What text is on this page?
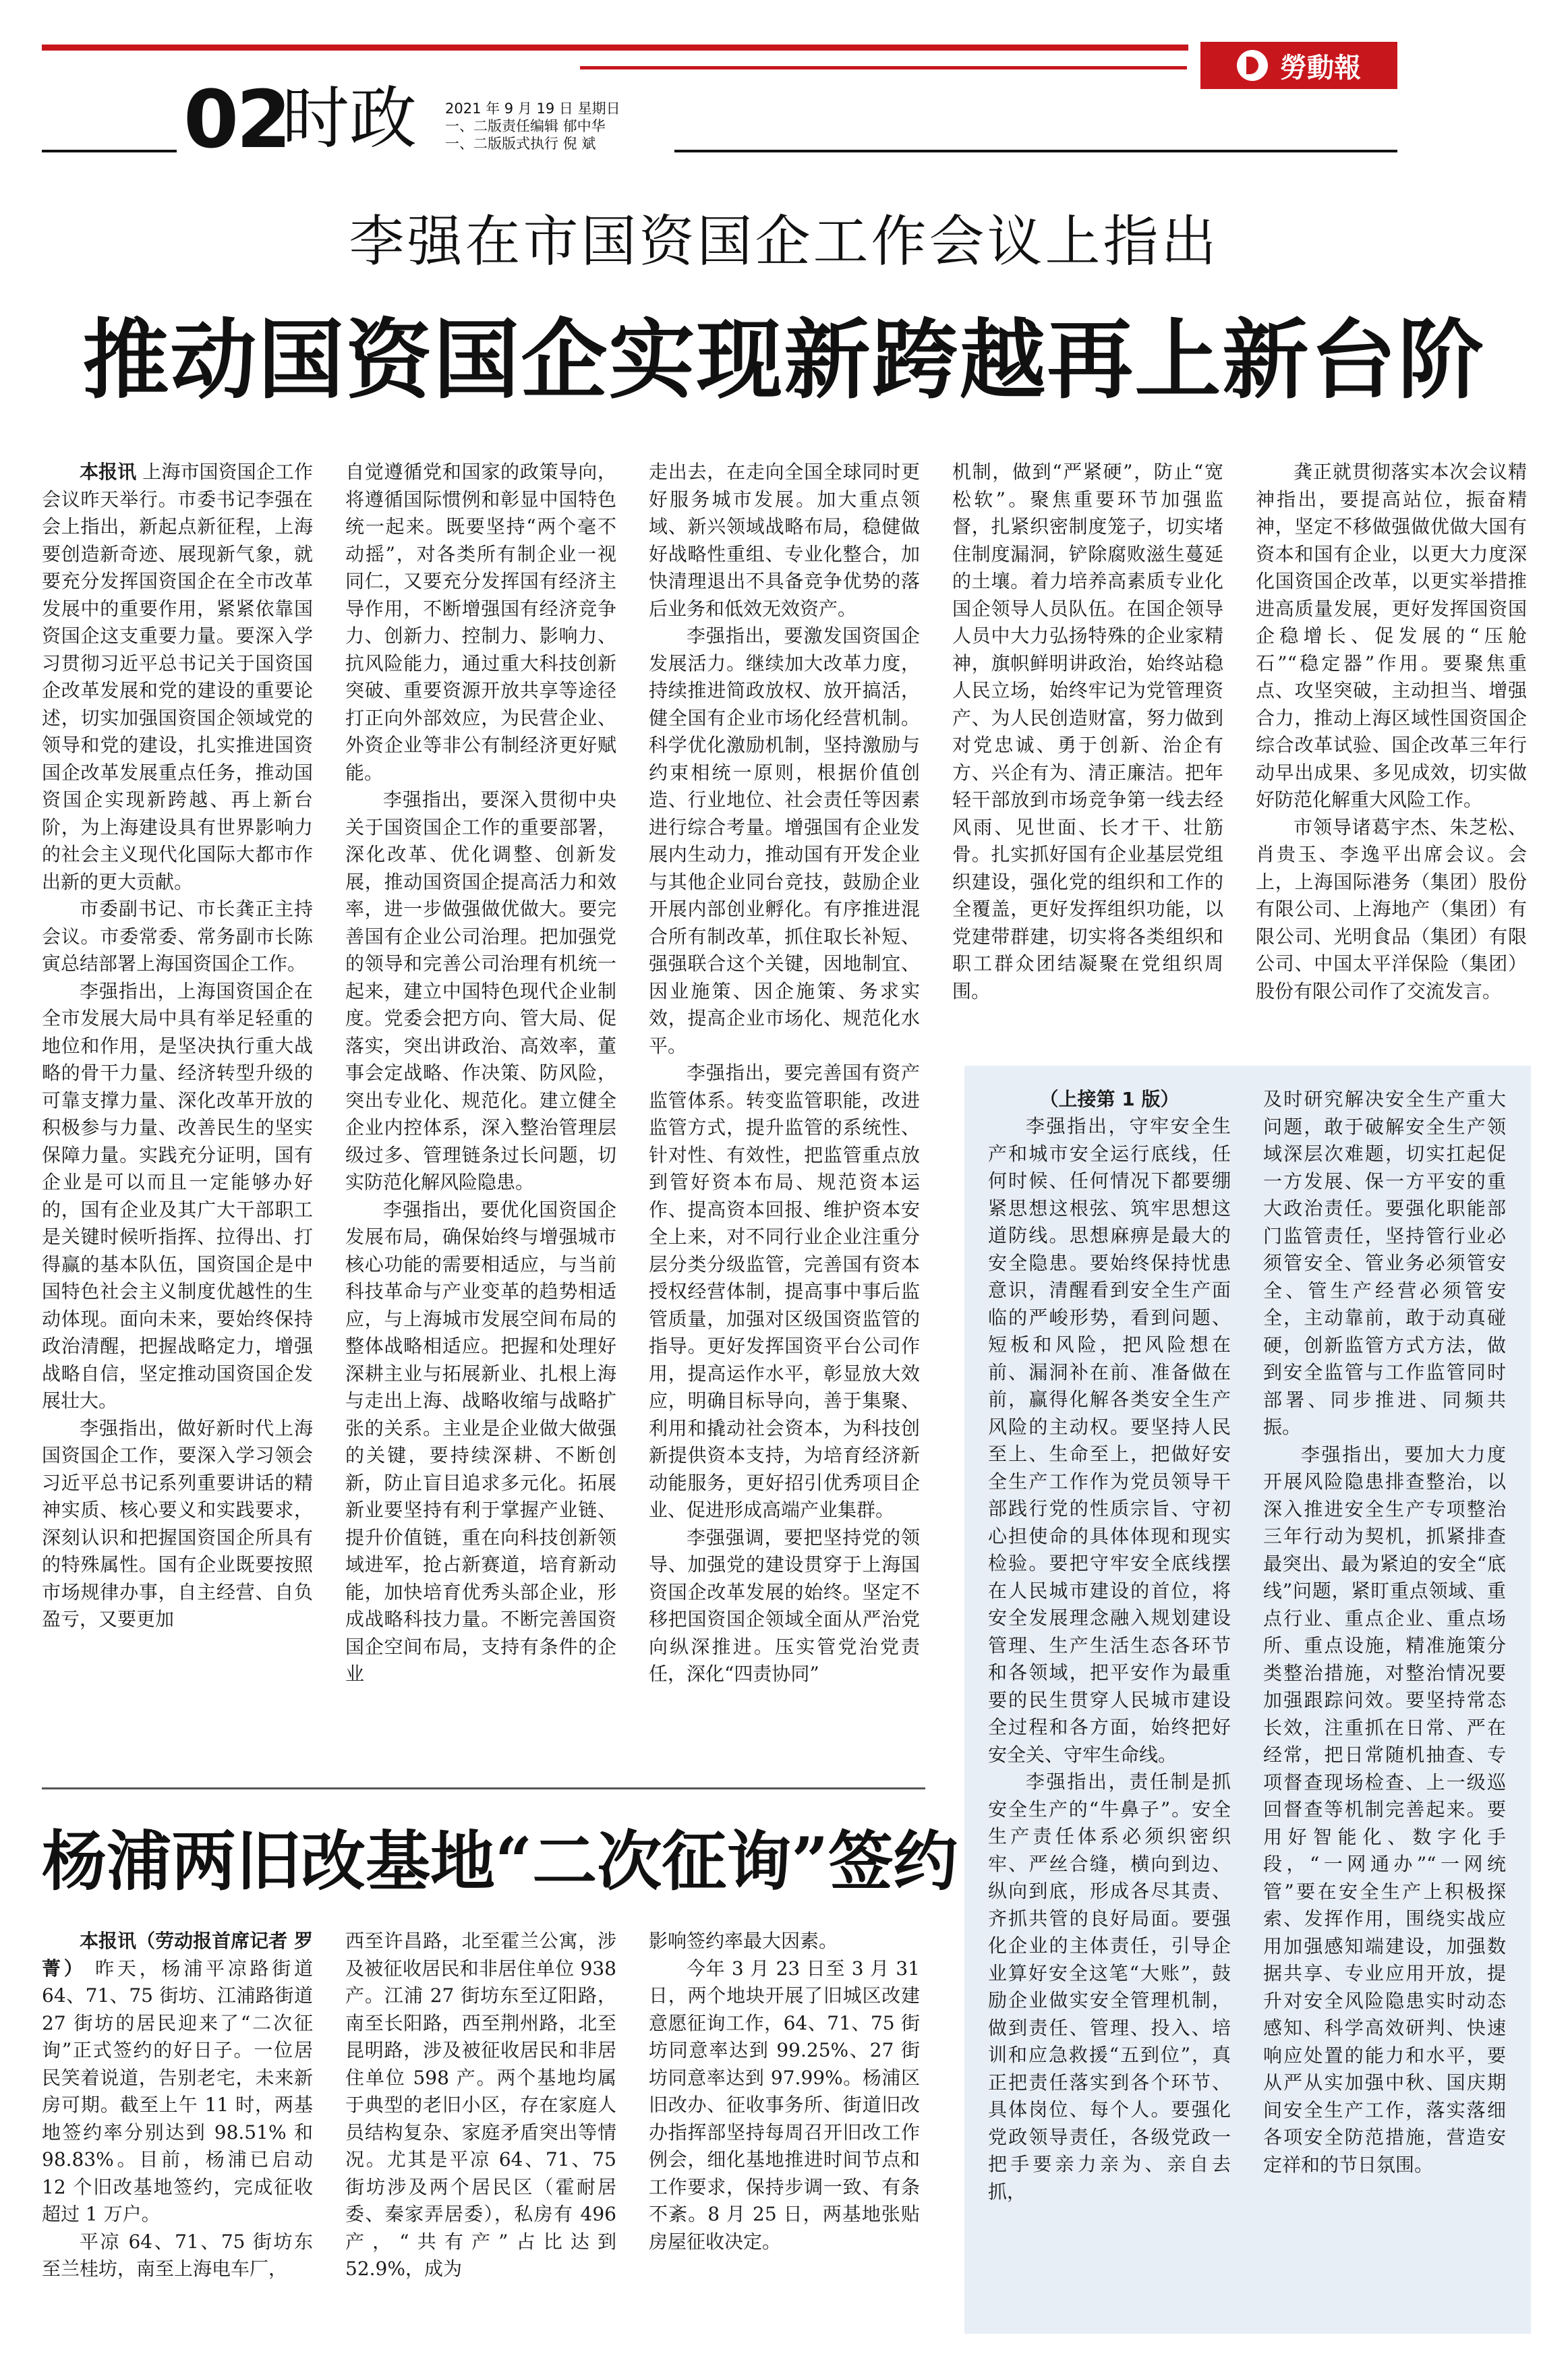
勞動報
02
时政 2021 年 9 月 19 日 星期日
一、二版责任编辑 郁中华
一、二版版式执行 倪 斌
李强在市国资国企工作会议上指出
推动国资国企实现新跨越再上新台阶

本报讯 上海市国资国企工作会议昨天举行。市委书记李强在会上指出，新起点新征程，上海要创造新奇迹、展现新气象，就要充分发挥国资国企在全市改革发展中的重要作用，紧紧依靠国资国企这支重要力量。要深入学习贯彻习近平总书记关于国资国企改革发展和党的建设的重要论述，切实加强国资国企领域党的领导和党的建设，扎实推进国资国企改革发展重点任务，推动国资国企实现新跨越、再上新台阶，为上海建设具有世界影响力的社会主义现代化国际大都市作出新的更大贡献。

市委副书记、市长龚正主持会议。市委常委、常务副市长陈寅总结部署上海国资国企工作。

李强指出，上海国资国企在全市发展大局中具有举足轻重的地位和作用，是坚决执行重大战略的骨干力量、经济转型升级的可靠支撑力量、深化改革开放的积极参与力量、改善民生的坚实保障力量。实践充分证明，国有企业是可以而且一定能够办好的，国有企业及其广大干部职工是关键时候听指挥、拉得出、打得赢的基本队伍，国资国企是中国特色社会主义制度优越性的生动体现。面向未来，要始终保持政治清醒，把握战略定力，增强战略自信，坚定推动国资国企发展壮大。

李强指出，做好新时代上海国资国企工作，要深入学习领会习近平总书记系列重要讲话的精神实质、核心要义和实践要求，深刻认识和把握国资国企所具有的特殊属性。国有企业既要按照市场规律办事，自主经营、自负盈亏，又要更加

自觉遵循党和国家的政策导向，将遵循国际惯例和彰显中国特色统一起来。既要坚持“两个毫不动摇”，对各类所有制企业一视同仁，又要充分发挥国有经济主导作用，不断增强国有经济竞争力、创新力、控制力、影响力、抗风险能力，通过重大科技创新突破、重要资源开放共享等途径打正向外部效应，为民营企业、外资企业等非公有制经济更好赋能。

李强指出，要深入贯彻中央关于国资国企工作的重要部署，深化改革、优化调整、创新发展，推动国资国企提高活力和效率，进一步做强做优做大。要完善国有企业公司治理。把加强党的领导和完善公司治理有机统一起来，建立中国特色现代企业制度。党委会把方向、管大局、促落实，突出讲政治、高效率，董事会定战略、作决策、防风险，突出专业化、规范化。建立健全企业内控体系，深入整治管理层级过多、管理链条过长问题，切实防范化解风险隐患。

李强指出，要优化国资国企发展布局，确保始终与增强城市核心功能的需要相适应，与当前科技革命与产业变革的趋势相适应，与上海城市发展空间布局的整体战略相适应。把握和处理好深耕主业与拓展新业、扎根上海与走出上海、战略收缩与战略扩张的关系。主业是企业做大做强的关键，要持续深耕、不断创新，防止盲目追求多元化。拓展新业要坚持有利于掌握产业链、提升价值链，重在向科技创新领域进军，抢占新赛道，培育新动能，加快培育优秀头部企业，形成战略科技力量。不断完善国资国企空间布局，支持有条件的企业

走出去，在走向全国全球同时更好服务城市发展。加大重点领域、新兴领域战略布局，稳健做好战略性重组、专业化整合，加快清理退出不具备竞争优势的落后业务和低效无效资产。

李强指出，要激发国资国企发展活力。继续加大改革力度，持续推进简政放权、放开搞活，健全国有企业市场化经营机制。科学优化激励机制，坚持激励与约束相统一原则，根据价值创造、行业地位、社会责任等因素进行综合考量。增强国有企业发展内生动力，推动国有开发企业与其他企业同台竞技，鼓励企业开展内部创业孵化。有序推进混合所有制改革，抓住取长补短、强强联合这个关键，因地制宜、因业施策、因企施策、务求实效，提高企业市场化、规范化水平。

李强指出，要完善国有资产监管体系。转变监管职能，改进监管方式，提升监管的系统性、针对性、有效性，把监管重点放到管好资本布局、规范资本运作、提高资本回报、维护资本安全上来，对不同行业企业注重分层分类分级监管，完善国有资本授权经营体制，提高事中事后监管质量，加强对区级国资监管的指导。更好发挥国资平台公司作用，提高运作水平，彰显放大效应，明确目标导向，善于集聚、利用和撬动社会资本，为科技创新提供资本支持，为培育经济新动能服务，更好招引优秀项目企业、促进形成高端产业集群。

李强强调，要把坚持党的领导、加强党的建设贯穿于上海国资国企改革发展的始终。坚定不移把国资国企领域全面从严治党向纵深推进。压实管党治党责任，深化“四责协同”

机制，做到“严紧硬”，防止“宽松软”。聚焦重要环节加强监督，扎紧织密制度笼子，切实堵住制度漏洞，铲除腐败滋生蔓延的土壤。着力培养高素质专业化国企领导人员队伍。在国企领导人员中大力弘扬特殊的企业家精神，旗帜鲜明讲政治，始终站稳人民立场，始终牢记为党管理资产、为人民创造财富，努力做到对党忠诚、勇于创新、治企有方、兴企有为、清正廉洁。把年轻干部放到市场竞争第一线去经风雨、见世面、长才干、壮筋骨。扎实抓好国有企业基层党组织建设，强化党的组织和工作的全覆盖，更好发挥组织功能，以党建带群建，切实将各类组织和职工群众团结凝聚在党组织周围。

龚正就贯彻落实本次会议精神指出，要提高站位，振奋精神，坚定不移做强做优做大国有资本和国有企业，以更大力度深化国资国企改革，以更实举措推进高质量发展，更好发挥国资国企稳增长、促发展的“压舱石”“稳定器”作用。要聚焦重点、攻坚突破，主动担当、增强合力，推动上海区域性国资国企综合改革试验、国企改革三年行动早出成果、多见成效，切实做好防范化解重大风险工作。

市领导诸葛宇杰、朱芝松、肖贵玉、李逸平出席会议。会上，上海国际港务（集团）股份有限公司、上海地产（集团）有限公司、光明食品（集团）有限公司、中国太平洋保险（集团）股份有限公司作了交流发言。

李强指出，守牢安全生产和城市安全运行底线，任何时候、任何情况下都要绷紧思想这根弦、筑牢思想这道防线。思想麻痹是最大的安全隐患。要始终保持忧患意识，清醒看到安全生产面临的严峻形势，看到问题、短板和风险，把风险想在前、漏洞补在前、准备做在前，赢得化解各类安全生产风险的主动权。要坚持人民至上、生命至上，把做好安全生产工作作为党员领导干部践行党的性质宗旨、守初心担使命的具体体现和现实检验。要把守牢安全底线摆在人民城市建设的首位，将安全发展理念融入规划建设管理、生产生活生态各环节和各领域，把平安作为最重要的民生贯穿人民城市建设全过程和各方面，始终把好安全关、守牢生命线。

李强指出，责任制是抓安全生产的“牛鼻子”。安全生产责任体系必须织密织牢、严丝合缝，横向到边、纵向到底，形成各尽其责、齐抓共管的良好局面。要强化企业的主体责任，引导企业算好安全这笔“大账”，鼓励企业做实安全管理机制，做到责任、管理、投入、培训和应急救援“五到位”，真正把责任落实到各个环节、具体岗位、每个人。要强化党政领导责任，各级党政一把手要亲力亲为、亲自去抓，

及时研究解决安全生产重大问题，敢于破解安全生产领域深层次难题，切实扛起促一方发展、保一方平安的重大政治责任。要强化职能部门监管责任，坚持管行业必须管安全、管业务必须管安全、管生产经营必须管安全，主动靠前，敢于动真碰硬，创新监管方式方法，做到安全监管与工作监管同时部署、同步推进、同频共振。

李强指出，要加大力度开展风险隐患排查整治，以深入推进安全生产专项整治三年行动为契机，抓紧排查最突出、最为紧迫的安全“底线”问题，紧盯重点领域、重点行业、重点企业、重点场所、重点设施，精准施策分类整治措施，对整治情况要加强跟踪问效。要坚持常态长效，注重抓在日常、严在经常，把日常随机抽查、专项督查现场检查、上一级巡回督查等机制完善起来。要用好智能化、数字化手段，“一网通办”“一网统管”要在安全生产上积极探索、发挥作用，围绕实战应用加强感知端建设，加强数据共享、专业应用开放，提升对安全风险隐患实时动态感知、科学高效研判、快速响应处置的能力和水平，要从严从实加强中秋、国庆期间安全生产工作，落实落细各项安全防范措施，营造安定祥和的节日氛围。

（上接第 1 版）
杨浦两旧改基地“二次征询”签约

本报讯（劳动报首席记者 罗菁） 昨天，杨浦平凉路街道 64、71、75 街坊、江浦路街道 27 街坊的居民迎来了“二次征询”正式签约的好日子。一位居民笑着说道，告别老宅，未来新房可期。截至上午 11 时，两基地签约率分别达到 98.51% 和 98.83%。目前，杨浦已启动 12 个旧改基地签约，完成征收超过 1 万户。

平凉 64、71、75 街坊东至兰桂坊，南至上海电车厂，

西至许昌路，北至霍兰公寓，涉及被征收居民和非居住单位 938 产。江浦 27 街坊东至辽阳路，南至长阳路，西至荆州路，北至昆明路，涉及被征收居民和非居住单位 598 产。两个基地均属于典型的老旧小区，存在家庭人员结构复杂、家庭矛盾突出等情况。尤其是平凉 64、71、75 街坊涉及两个居民区（霍耐居委、秦家弄居委），私房有 496 产，“共有产”占比达到 52.9%，成为

影响签约率最大因素。

今年 3 月 23 日至 3 月 31 日，两个地块开展了旧城区改建意愿征询工作，64、71、75 街坊同意率达到 99.25%、27 街坊同意率达到 97.99%。杨浦区旧改办、征收事务所、街道旧改办指挥部坚持每周召开旧改工作例会，细化基地推进时间节点和工作要求，保持步调一致、有条不紊。8 月 25 日，两基地张贴房屋征收决定。
